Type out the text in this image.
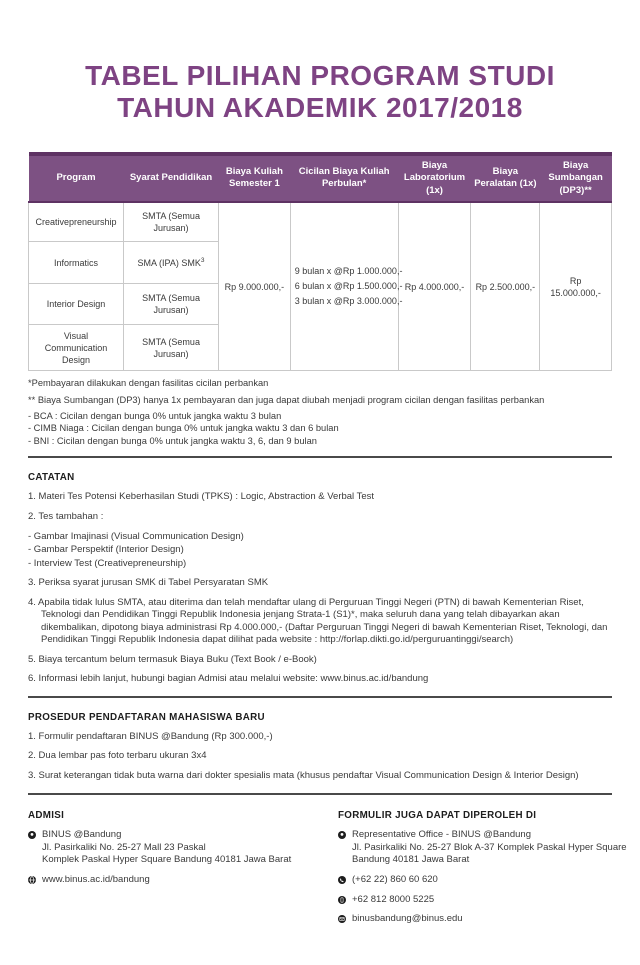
TABEL PILIHAN PROGRAM STUDI
TAHUN AKADEMIK 2017/2018
Program	Syarat Pendidikan	Biaya Kuliah Semester 1	Cicilan Biaya Kuliah Perbulan*	Biaya Laboratorium (1x)	Biaya Peralatan (1x)	Biaya Sumbangan (DP3)**
Creativepreneurship	SMTA (Semua Jurusan)	Rp 9.000.000,-	9 bulan x @Rp 1.000.000,-
6 bulan x @Rp 1.500.000,-
3 bulan x @Rp 3.000.000,-	Rp 4.000.000,-	Rp 2.500.000,-	Rp 15.000.000,-
Informatics	SMA (IPA) SMK$^3$
Interior Design	SMTA (Semua Jurusan)					
Visual Communication Design	SMTA (Semua Jurusan)					

*Pembayaran dilakukan dengan fasilitas cicilan perbankan

** Biaya Sumbangan (DP3) hanya 1x pembayaran dan juga dapat diubah menjadi program cicilan dengan fasilitas perbankan

- BCA : Cicilan dengan bunga 0% untuk jangka waktu 3 bulan

- CIMB Niaga : Cicilan dengan bunga 0% untuk jangka waktu 3 dan 6 bulan

- BNI : Cicilan dengan bunga 0% untuk jangka waktu 3, 6, dan 9 bulan

CATATAN

1. Materi Tes Potensi Keberhasilan Studi (TPKS) : Logic, Abstraction & Verbal Test

2. Tes tambahan :

- Gambar Imajinasi (Visual Communication Design)

- Gambar Perspektif (Interior Design)

- Interview Test (Creativepreneurship)

3. Periksa syarat jurusan SMK di Tabel Persyaratan SMK

4. Apabila tidak lulus SMTA, atau diterima dan telah mendaftar ulang di Perguruan Tinggi Negeri (PTN) di bawah Kementerian Riset, Teknologi dan Pendidikan Tinggi Republik Indonesia jenjang Strata-1 (S1)*, maka seluruh dana yang telah dibayarkan akan dikembalikan, dipotong biaya administrasi Rp 4.000.000,- (Daftar Perguruan Tinggi Negeri di bawah Kementerian Riset, Teknologi, dan Pendidikan Tinggi Republik Indonesia dapat dilihat pada website : http://forlap.dikti.go.id/perguruantinggi/search)

5. Biaya tercantum belum termasuk Biaya Buku (Text Book / e-Book)

6. Informasi lebih lanjut, hubungi bagian Admisi atau melalui website: www.binus.ac.id/bandung

PROSEDUR PENDAFTARAN MAHASISWA BARU

1. Formulir pendaftaran BINUS @Bandung (Rp 300.000,-)

2. Dua lembar pas foto terbaru ukuran 3x4

3. Surat keterangan tidak buta warna dari dokter spesialis mata (khusus pendaftar Visual Communication Design & Interior Design)

ADMISI
BINUS @Bandung
Jl. Pasirkaliki No. 25-27 Mall 23 Paskal
Komplek Paskal Hyper Square Bandung 40181 Jawa Barat
www.binus.ac.id/bandung
FORMULIR JUGA DAPAT DIPEROLEH DI
Representative Office - BINUS @Bandung
Jl. Pasirkaliki No. 25-27 Blok A-37 Komplek Paskal Hyper Square
Bandung 40181 Jawa Barat
(+62 22) 860 60 620
+62 812 8000 5225
binusbandung@binus.edu
